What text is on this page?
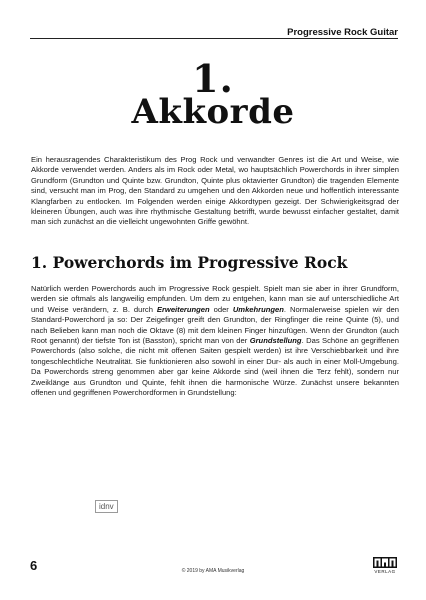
Progressive Rock Guitar
1.
Akkorde
Ein herausragendes Charakteristikum des Prog Rock und verwandter Genres ist die Art und Weise, wie Akkorde verwendet werden. Anders als im Rock oder Metal, wo hauptsächlich Powerchords in ihrer simplen Grundform (Grundton und Quinte bzw. Grundton, Quinte plus oktavierter Grundton) die tragenden Elemente sind, versucht man im Prog, den Standard zu umgehen und den Akkorden neue und hoffentlich interessante Klangfarben zu entlocken. Im Folgenden werden einige Akkordtypen gezeigt. Der Schwierigkeitsgrad der kleineren Übungen, auch was ihre rhythmische Gestaltung betrifft, wurde bewusst einfacher gestaltet, damit man sich zunächst an die vielleicht ungewohnten Griffe gewöhnt.
1. Powerchords im Progressive Rock
Natürlich werden Powerchords auch im Progressive Rock gespielt. Spielt man sie aber in ihrer Grundform, werden sie oftmals als langweilig empfunden. Um dem zu entgehen, kann man sie auf unterschiedliche Art und Weise verändern, z. B. durch Erweiterungen oder Umkehrungen. Normalerweise spielen wir den Standard-Powerchord ja so: Der Zeigefinger greift den Grundton, der Ringfinger die reine Quinte (5), und nach Belieben kann man noch die Oktave (8) mit dem kleinen Finger hinzufügen. Wenn der Grundton (auch Root genannt) der tiefste Ton ist (Basston), spricht man von der Grundstellung. Das Schöne an gegriffenen Powerchords (also solche, die nicht mit offenen Saiten gespielt werden) ist ihre Verschiebbarkeit und ihre tongeschlechtliche Neutralität. Sie funktionieren also sowohl in einer Dur- als auch in einer Moll-Umgebung. Da Powerchords streng genommen aber gar keine Akkorde sind (weil ihnen die Terz fehlt), sondern nur Zweiklänge aus Grundton und Quinte, fehlt ihnen die harmonische Würze. Zunächst unsere bekannten offenen und gegriffenen Powerchordformen in Grundstellung:
idnv
6	© 2019 by AMA Musikverlag	VERLAG
